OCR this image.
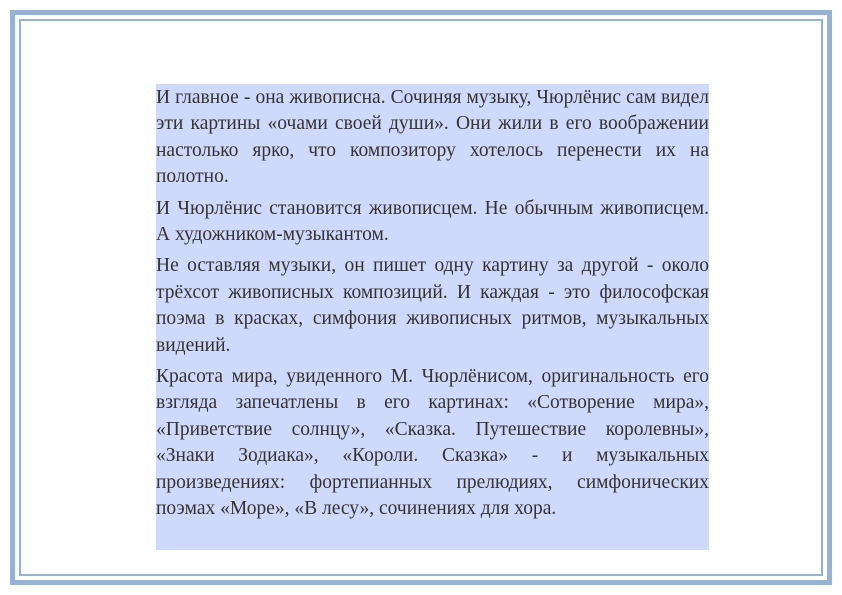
И главное - она живописна. Сочиняя музыку, Чюрлёнис сам видел эти картины «очами своей души». Они жили в его воображении настолько ярко, что композитору хотелось перенести их на полотно.

И Чюрлёнис становится живописцем. Не обычным живописцем. А художником-музыкантом.

Не оставляя музыки, он пишет одну картину за другой - около трёхсот живописных композиций. И каждая - это философская поэма в красках, симфония живописных ритмов, музыкальных видений.

Красота мира, увиденного М. Чюрлёнисом, оригинальность его взгляда запечатлены в его картинах: «Сотворение мира», «Приветствие солнцу», «Сказка. Путешествие королевны», «Знаки Зодиака», «Короли. Сказка» - и музыкальных произведениях: фортепианных прелюдиях, симфонических поэмах «Море», «В лесу», сочинениях для хора.
